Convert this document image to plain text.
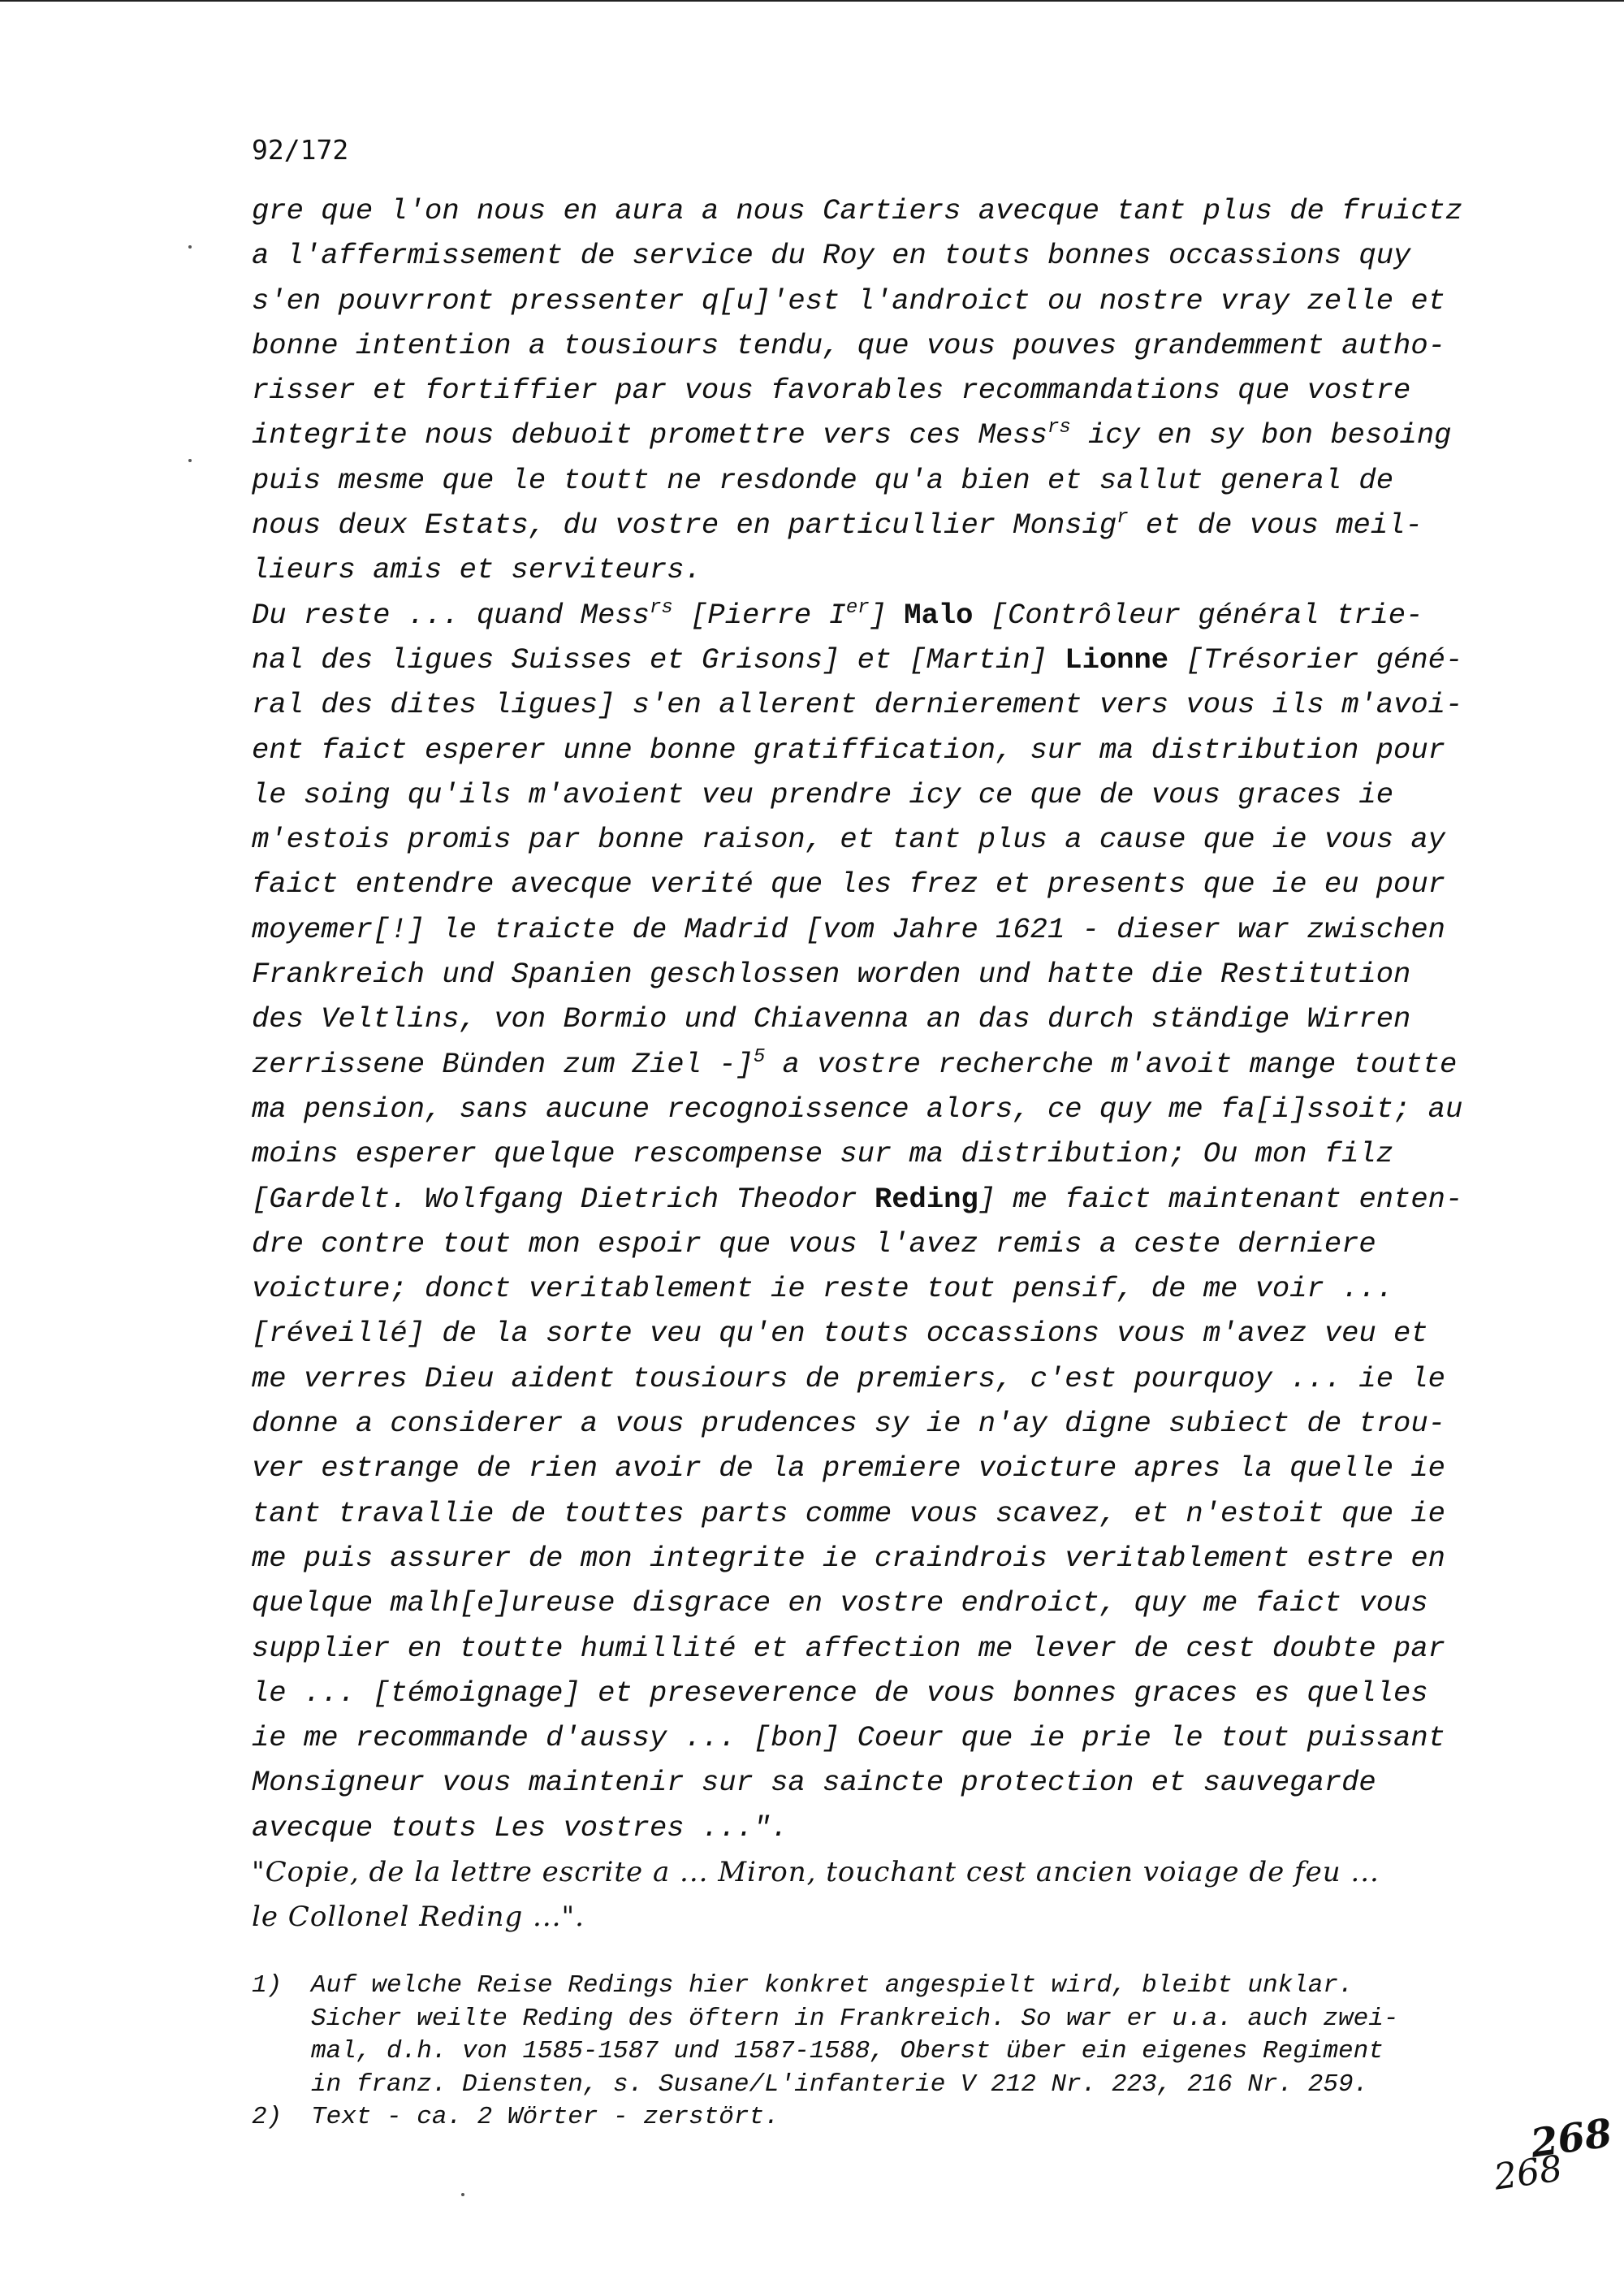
92/172
gre que l'on nous en aura a nous Cartiers avecque tant plus de fruictz
a l'affermissement de service du Roy en touts bonnes occassions quy
s'en pouvrront pressenter q[u]'est l'androict ou nostre vray zelle et
bonne intention a tousiours tendu, que vous pouves grandemment autho-
risser et fortiffier par vous favorables recommandations que vostre
integrite nous debuoit promettre vers ces Mess$^{rs}$ icy en sy bon besoing
puis mesme que le toutt ne resdonde qu'a bien et sallut general de
nous deux Estats, du vostre en particullier Monsig$^r$ et de vous meil-
lieurs amis et serviteurs.
Du reste ... quand Mess$^{rs}$ [Pierre Ier] Malo [Contrôleur général trie-
nal des ligues Suisses et Grisons] et [Martin] Lionne [Trésorier géné-
ral des dites ligues] s'en allerent dernierement vers vous ils m'avoi-
ent faict esperer unne bonne gratiffication, sur ma distribution pour
le soing qu'ils m'avoient veu prendre icy ce que de vous graces ie
m'estois promis par bonne raison, et tant plus a cause que ie vous ay
faict entendre avecque verité que les frez et presents que ie eu pour
moyemer[!] le traicte de Madrid [vom Jahre 1621 - dieser war zwischen
Frankreich und Spanien geschlossen worden und hatte die Restitution
des Veltlins, von Bormio und Chiavenna an das durch ständige Wirren
zerrissene Bünden zum Ziel -]$^5$ a vostre recherche m'avoit mange toutte
ma pension, sans aucune recognoissence alors, ce quy me fa[i]ssoit; au
moins esperer quelque rescompense sur ma distribution; Ou mon filz
[Gardelt. Wolfgang Dietrich Theodor Reding] me faict maintenant enten-
dre contre tout mon espoir que vous l'avez remis a ceste derniere
voicture; donct veritablement ie reste tout pensif, de me voir ...
[réveillé] de la sorte veu qu'en touts occassions vous m'avez veu et
me verres Dieu aident tousiours de premiers, c'est pourquoy ... ie le
donne a considerer a vous prudences sy ie n'ay digne subiect de trou-
ver estrange de rien avoir de la premiere voicture apres la quelle ie
tant travallie de touttes parts comme vous scavez, et n'estoit que ie
me puis assurer de mon integrite ie craindrois veritablement estre en
quelque malh[e]ureuse disgrace en vostre endroict, quy me faict vous
supplier en toutte humillité et affection me lever de cest doubte par
le ... [témoignage] et preseverence de vous bonnes graces es quelles
ie me recommande d'aussy ... [bon] Coeur que ie prie le tout puissant
Monsigneur vous maintenir sur sa saincte protection et sauvegarde
avecque touts Les vostres ...".
"Copie, de la lettre escrite a ... Miron, touchant cest ancien voiage de feu ...
le Collonel Reding ...".
1)	Auf welche Reise Redings hier konkret angespielt wird, bleibt unklar.
Sicher weilte Reding des öftern in Frankreich. So war er u.a. auch zwei-
mal, d.h. von 1585-1587 und 1587-1588, Oberst über ein eigenes Regiment
in franz. Diensten, s. Susane/L'infanterie V 212 Nr. 223, 216 Nr. 259.
2)	Text - ca. 2 Wörter - zerstört.	268
268
